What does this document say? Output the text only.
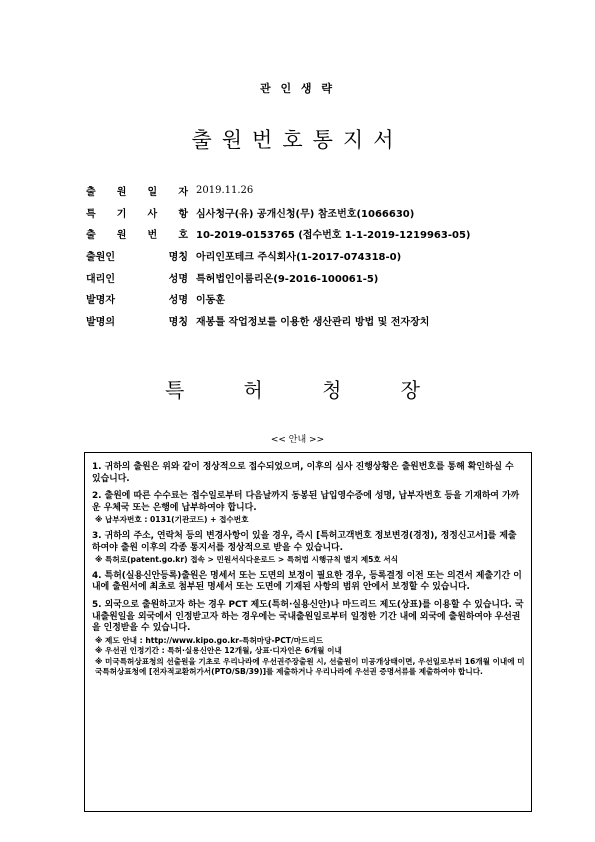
관 인 생 략
출원번호통지서
출 원 일 자 2019.11.26
특 기 사 항 심사청구(유) 공개신청(무) 참조번호(1066630)
출 원 번 호 10-2019-0153765 (접수번호 1-1-2019-1219963-05)
출원인 명칭 아리인포테크 주식회사(1-2017-074318-0)
대리인 성명 특허법인이룸리온(9-2016-100061-5)
발명자 성명 이동훈
발명의 명칭 재봉틀 작업정보를 이용한 생산관리 방법 및 전자장치
특	허	청	장
<< 안내 >>
1. 귀하의 출원은 위와 같이 정상적으로 접수되었으며, 이후의 심사 진행상황은 출원번호를 통해 확인하실 수 있습니다.
2. 출원에 따른 수수료는 접수일로부터 다음날까지 동봉된 납입영수증에 성명, 납부자번호 등을 기재하여 가까운 우체국 또는 은행에 납부하여야 합니다.
※ 납부자번호 : 0131(기관코드) + 접수번호
3. 귀하의 주소, 연락처 등의 변경사항이 있을 경우, 즉시 [특허고객번호 정보변경(경정), 정정신고서]를 제출하여야 출원 이후의 각종 통지서를 정상적으로 받을 수 있습니다.
※ 특허로(patent.go.kr) 접속 > 민원서식다운로드 > 특허법 시행규칙 별지 제5호 서식
4. 특허(실용신안등록)출원은 명세서 또는 도면의 보정이 필요한 경우, 등록결정 이전 또는 의견서 제출기간 이내에 출원서에 최초로 첨부된 명세서 또는 도면에 기재된 사항의 범위 안에서 보정할 수 있습니다.
5. 외국으로 출원하고자 하는 경우 PCT 제도(특허·실용신안)나 마드리드 제도(상표)를 이용할 수 있습니다. 국내출원일을 외국에서 인정받고자 하는 경우에는 국내출원일로부터 일정한 기간 내에 외국에 출원하여야 우선권을 인정받을 수 있습니다.
※ 제도 안내 : http://www.kipo.go.kr-특허마당-PCT/마드리드
※ 우선권 인정기간 : 특허·실용신안은 12개월, 상표·디자인은 6개월 이내
※ 미국특허상표청의 선출원을 기초로 우리나라에 우선권주장출원 시, 선출원이 미공개상태이면, 우선일로부터 16개월 이내에 미국특허상표청에 [전자적교환허가서(PTO/SB/39)]를 제출하거나 우리나라에 우선권 증명서류를 제출하여야 합니다.
